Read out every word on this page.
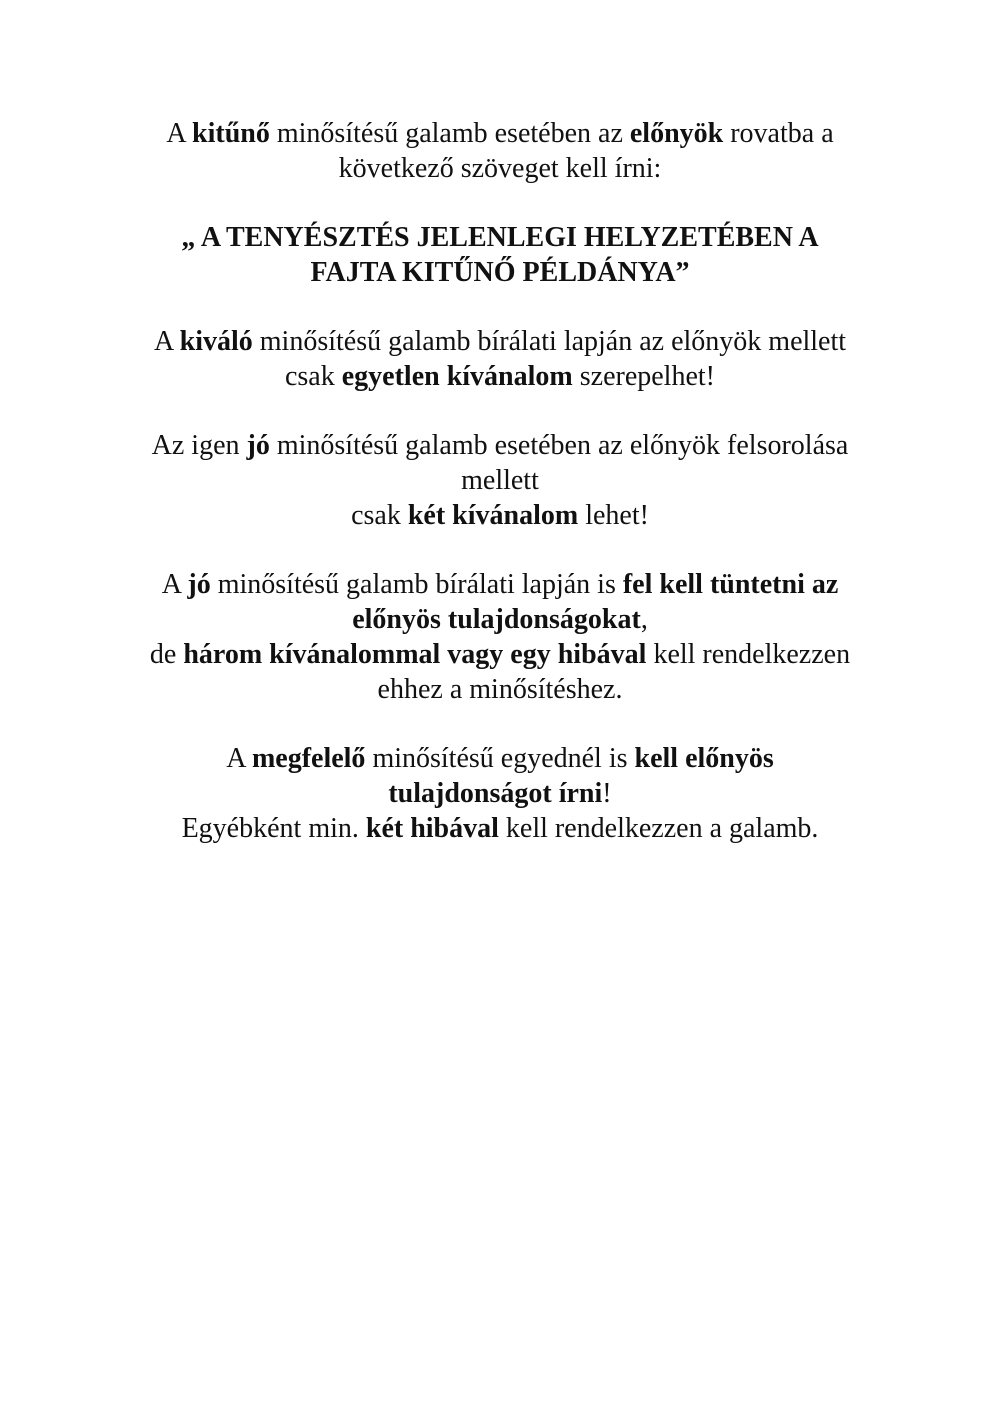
A kitűnő minősítésű galamb esetében az előnyök rovatba a
következő szöveget kell írni:
„ A TENYÉSZTÉS JELENLEGI HELYZETÉBEN A
FAJTA KITŰNŐ PÉLDÁNYA”
A kiváló minősítésű galamb bírálati lapján az előnyök mellett
csak egyetlen kívánalom szerepelhet!
Az igen jó minősítésű galamb esetében az előnyök felsorolása
mellett
csak két kívánalom lehet!
A jó minősítésű galamb bírálati lapján is fel kell tüntetni az
előnyös tulajdonságokat,
de három kívánalommal vagy egy hibával kell rendelkezzen
ehhez a minősítéshez.
A megfelelő minősítésű egyednél is kell előnyös
tulajdonságot írni!
Egyébként min. két hibával kell rendelkezzen a galamb.
